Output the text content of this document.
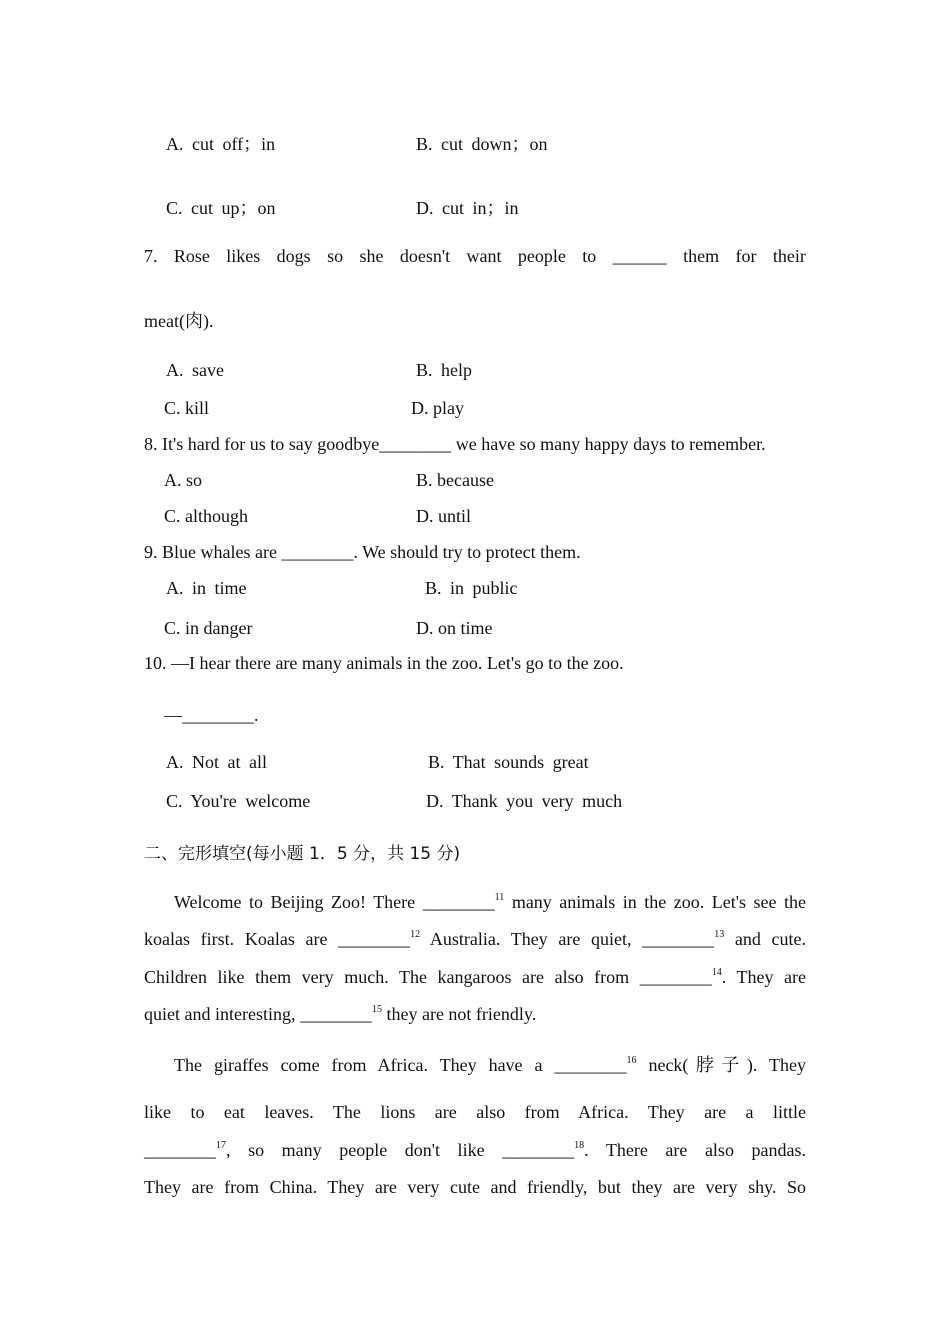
A. cut off；in	B. cut down；on
C. cut up；on	D. cut in；in
7. Rose likes dogs so she doesn't want people to ______ them for their
meat(肉).
A. save	B. help
C. kill	D. play
8. It's hard for us to say goodbye________ we have so many happy days to remember.
A. so	B. because
C. although	D. until
9. Blue whales are ________. We should try to protect them.
A. in time	B. in public
C. in danger	D. on time
10. —I hear there are many animals in the zoo. Let's go to the zoo.
—________.
A. Not at all	B. That sounds great
C. You're welcome	D. Thank you very much
二、完形填空(每小题 1．5 分，共 15 分)
Welcome to Beijing Zoo! There ________$^{11}$ many animals in the zoo. Let's see the
koalas first. Koalas are ________$^{12}$ Australia. They are quiet, ________$^{13}$ and cute.
Children like them very much. The kangaroos are also from ________$^{14}$. They are
quiet and interesting, ________$^{15}$ they are not friendly.
The giraffes come from Africa. They have a ________$^{16}$ neck(脖子). They
like to eat leaves. The lions are also from Africa. They are a little
________$^{17}$, so many people don't like ________$^{18}$. There are also pandas.
They are from China. They are very cute and friendly, but they are very shy. So
